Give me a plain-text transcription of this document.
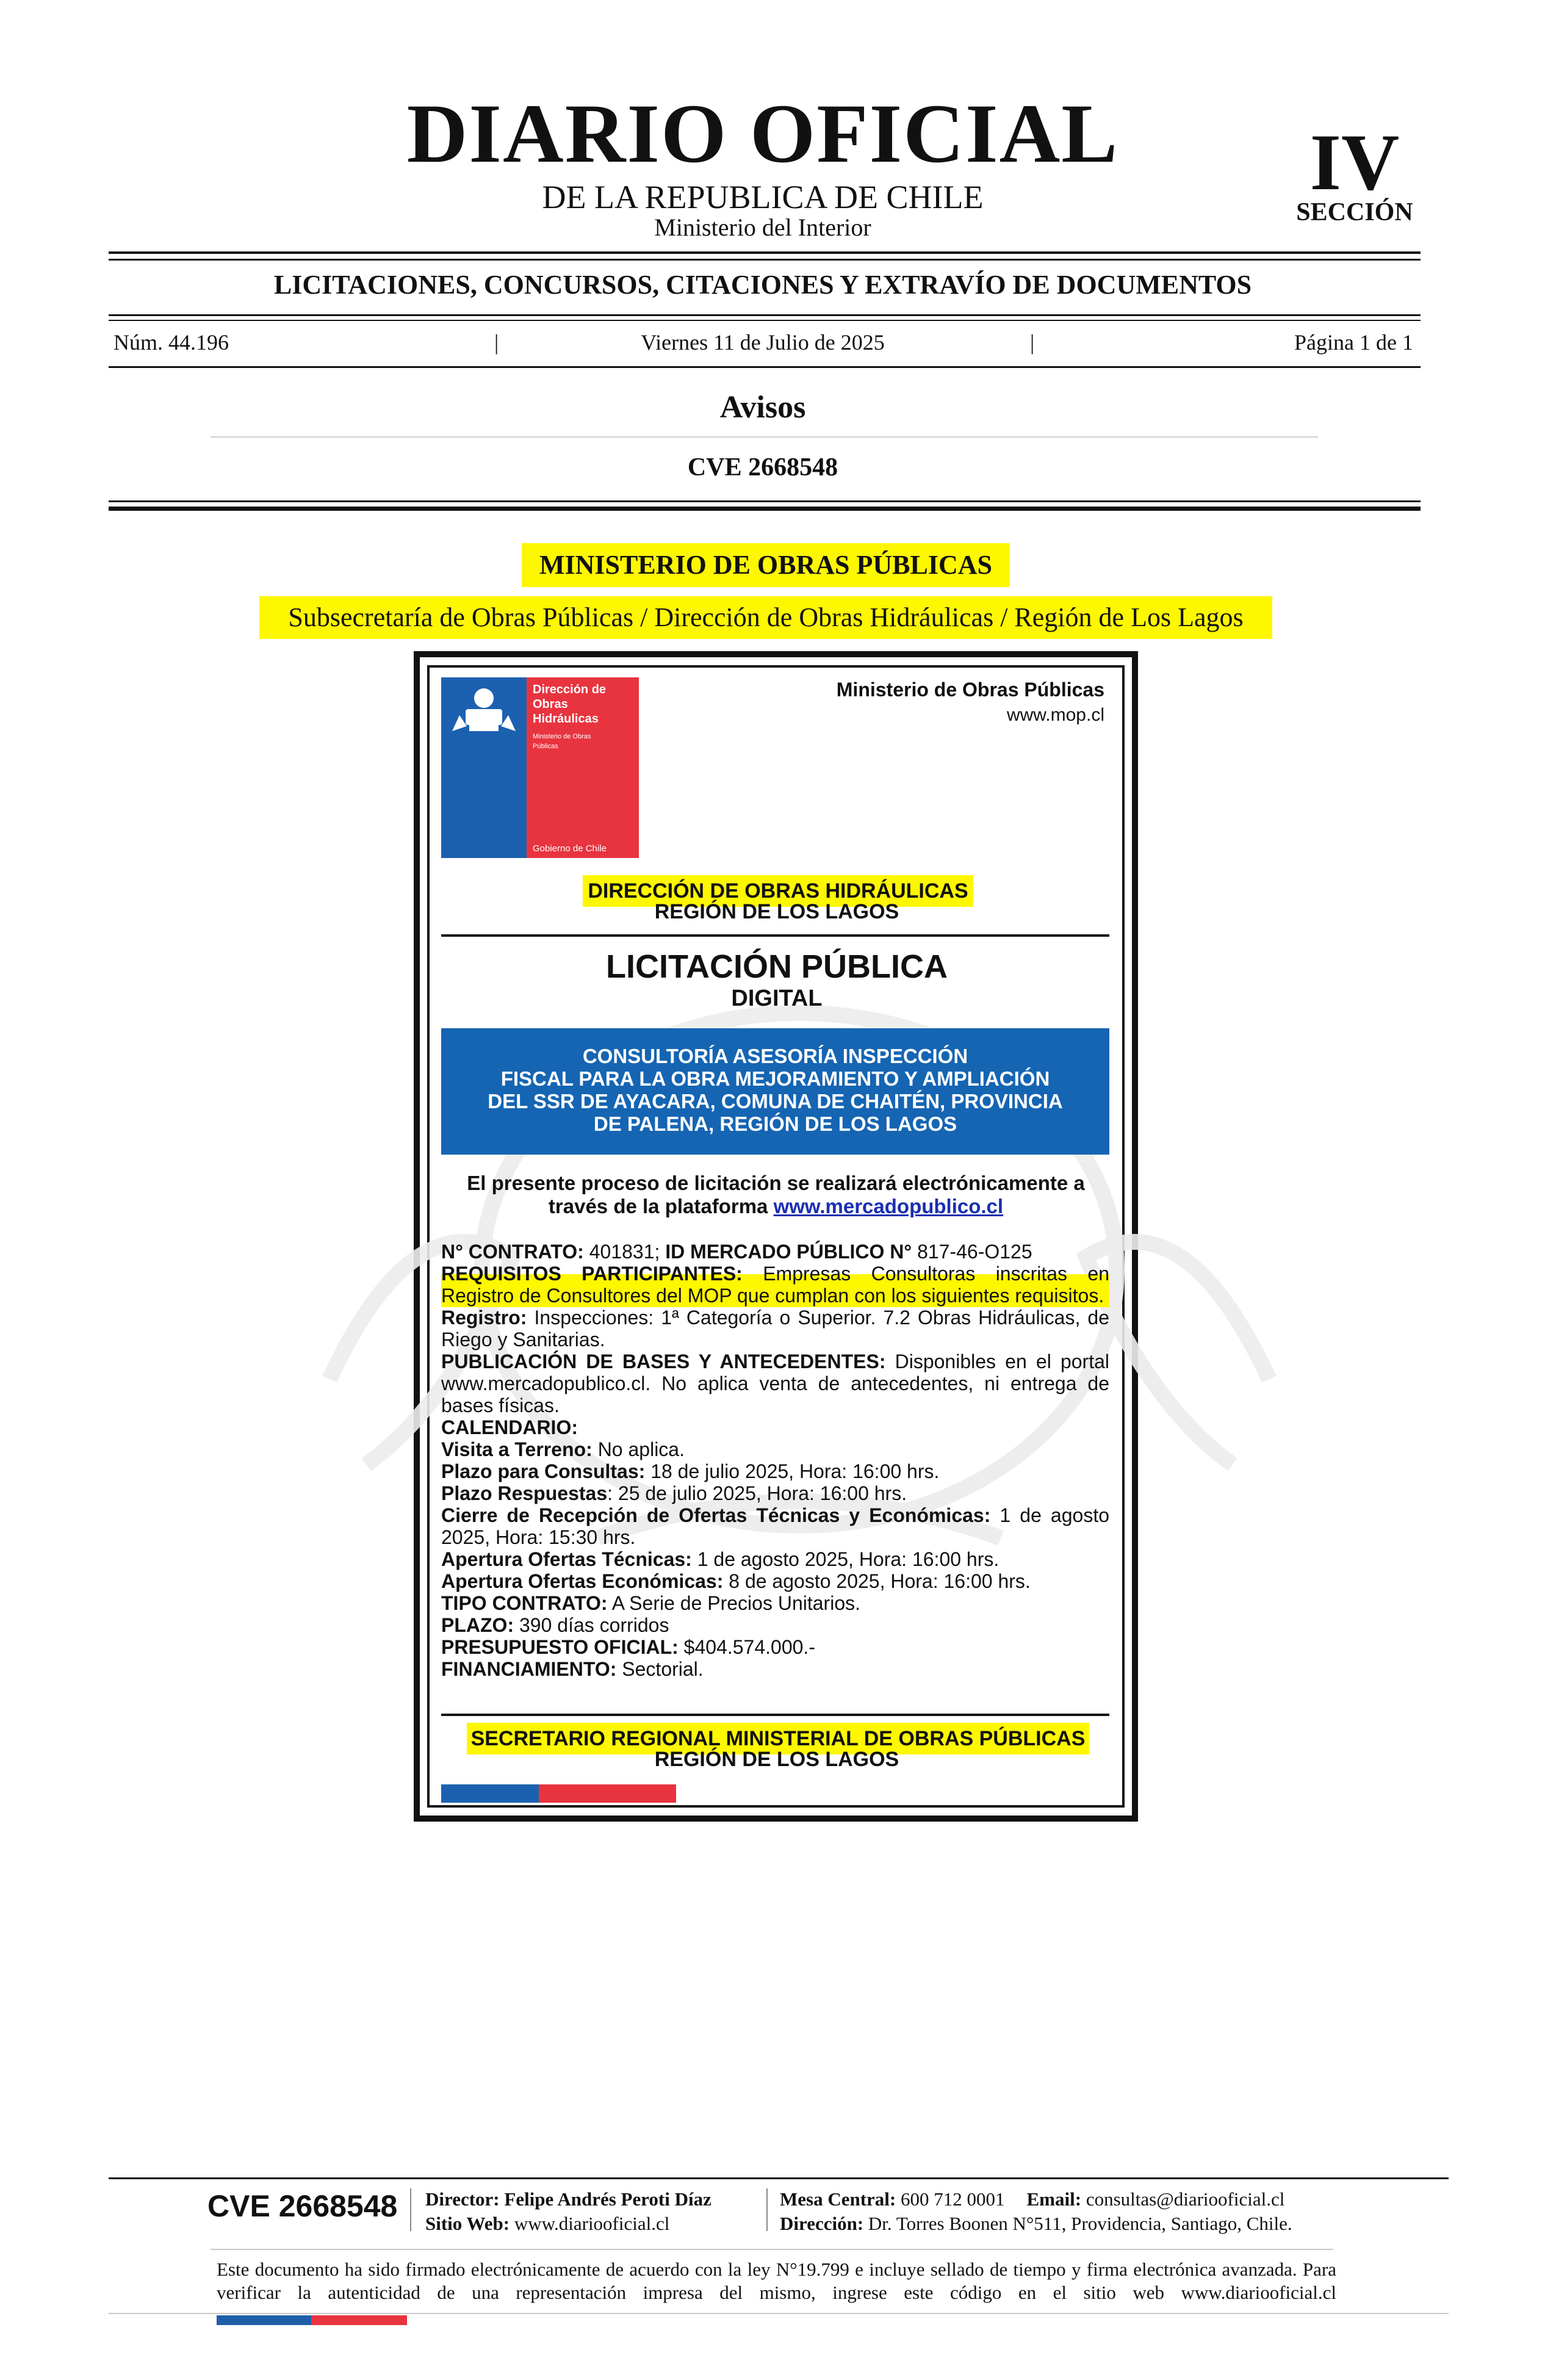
DIARIO OFICIAL
DE LA REPUBLICA DE CHILE
Ministerio del Interior
IV
SECCIÓN
LICITACIONES, CONCURSOS, CITACIONES Y EXTRAVÍO DE DOCUMENTOS
Núm. 44.196	|	Viernes 11 de Julio de 2025	|	Página 1 de 1
Avisos
CVE 2668548
MINISTERIO DE OBRAS PÚBLICAS
Subsecretaría de Obras Públicas / Dirección de Obras Hidráulicas / Región de Los Lagos
Dirección de
Obras
Hidráulicas
Ministerio de Obras
Públicas
Gobierno de Chile
Ministerio de Obras Públicas
www.mop.cl
DIRECCIÓN DE OBRAS HIDRÁULICAS
REGIÓN DE LOS LAGOS
LICITACIÓN PÚBLICA
DIGITAL
CONSULTORÍA ASESORÍA INSPECCIÓN
FISCAL PARA LA OBRA MEJORAMIENTO Y AMPLIACIÓN
DEL SSR DE AYACARA, COMUNA DE CHAITÉN, PROVINCIA
DE PALENA, REGIÓN DE LOS LAGOS
El presente proceso de licitación se realizará electrónicamente a
través de la plataforma www.mercadopublico.cl

N° CONTRATO: 401831; ID MERCADO PÚBLICO N° 817-46-O125

REQUISITOS PARTICIPANTES: Empresas Consultoras inscritas en Registro de Consultores del MOP que cumplan con los siguientes requisitos.

Registro: Inspecciones: 1ª Categoría o Superior. 7.2 Obras Hidráulicas, de Riego y Sanitarias.

PUBLICACIÓN DE BASES Y ANTECEDENTES: Disponibles en el portal www.mercadopublico.cl. No aplica venta de antecedentes, ni entrega de bases físicas.

CALENDARIO:

Visita a Terreno: No aplica.

Plazo para Consultas: 18 de julio 2025, Hora: 16:00 hrs.

Plazo Respuestas: 25 de julio 2025, Hora: 16:00 hrs.

Cierre de Recepción de Ofertas Técnicas y Económicas: 1 de agosto 2025, Hora: 15:30 hrs.

Apertura Ofertas Técnicas: 1 de agosto 2025, Hora: 16:00 hrs.

Apertura Ofertas Económicas: 8 de agosto 2025, Hora: 16:00 hrs.

TIPO CONTRATO: A Serie de Precios Unitarios.

PLAZO: 390 días corridos

PRESUPUESTO OFICIAL: $404.574.000.-

FINANCIAMIENTO: Sectorial.

SECRETARIO REGIONAL MINISTERIAL DE OBRAS PÚBLICAS
REGIÓN DE LOS LAGOS
CVE 2668548 Director: Felipe Andrés Peroti Díaz
Sitio Web: www.diariooficial.cl
Mesa Central: 600 712 0001 Email: consultas@diariooficial.cl
Dirección: Dr. Torres Boonen N°511, Providencia, Santiago, Chile.
Este documento ha sido firmado electrónicamente de acuerdo con la ley N°19.799 e incluye sellado de tiempo y firma electrónica avanzada. Para verificar la autenticidad de una representación impresa del mismo, ingrese este código en el sitio web www.diariooficial.cl
